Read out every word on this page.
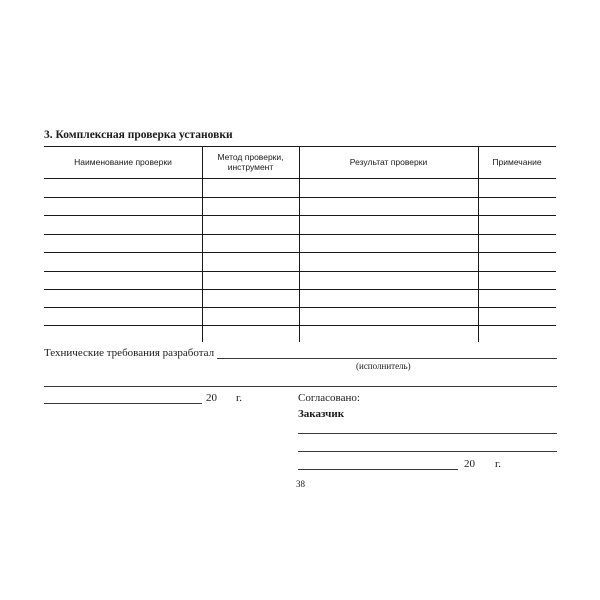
3. Комплексная проверка установки
Наименование проверки	Метод проверки, инструмент	Результат проверки	Примечание
Технические требования разработал
(исполнитель)
20 г.	Согласовано:
Заказчик
20 г.
38
